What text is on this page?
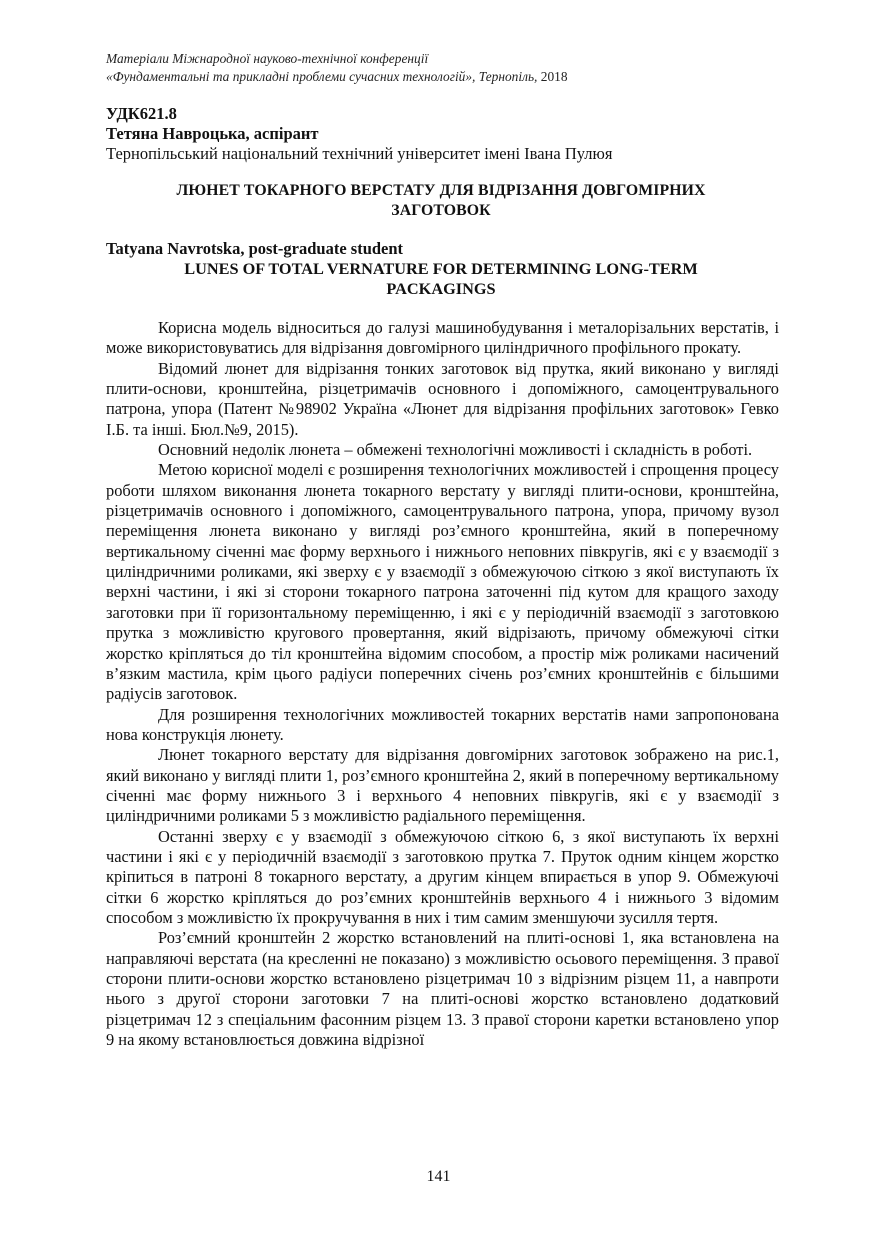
Матеріали Міжнародної науково-технічної конференції
«Фундаментальні та прикладні проблеми сучасних технологій», Тернопіль, 2018
УДК621.8
Тетяна Навроцька, аспірант
Тернопільський національний технічний університет імені Івана Пулюя
ЛЮНЕТ ТОКАРНОГО ВЕРСТАТУ ДЛЯ ВІДРІЗАННЯ ДОВГОМІРНИХ
ЗАГОТОВОК
Tatyana Navrotska, post-graduate student
LUNES OF TOTAL VERNATURE FOR DETERMINING LONG-TERM
PACKAGINGS

Корисна модель відноситься до галузі машинобудування і металорізальних верстатів, і може використовуватись для відрізання довгомірного циліндричного профільного прокату.

Відомий люнет для відрізання тонких заготовок від прутка, який виконано у вигляді плити-основи, кронштейна, різцетримачів основного і допоміжного, самоцентрувального патрона, упора (Патент №98902 Україна «Люнет для відрізання профільних заготовок» Гевко І.Б. та інші. Бюл.№9, 2015).

Основний недолік люнета – обмежені технологічні можливості і складність в роботі.

Метою корисної моделі є розширення технологічних можливостей і спрощення процесу роботи шляхом виконання люнета токарного верстату у вигляді плити-основи, кронштейна, різцетримачів основного і допоміжного, самоцентрувального патрона, упора, причому вузол переміщення люнета виконано у вигляді роз’ємного кронштейна, який в поперечному вертикальному січенні має форму верхнього і нижнього неповних півкругів, які є у взаємодії з циліндричними роликами, які зверху є у взаємодії з обмежуючою сіткою з якої виступають їх верхні частини, і які зі сторони токарного патрона заточенні під кутом для кращого заходу заготовки при її горизонтальному переміщенню, і які є у періодичній взаємодії з заготовкою прутка з можливістю кругового провертання, який відрізають, причому обмежуючі сітки жорстко кріпляться до тіл кронштейна відомим способом, а простір між роликами насичений в’язким мастила, крім цього радіуси поперечних січень роз’ємних кронштейнів є більшими радіусів заготовок.

Для розширення технологічних можливостей токарних верстатів нами запропонована нова конструкція люнету.

Люнет токарного верстату для відрізання довгомірних заготовок зображено на рис.1, який виконано у вигляді плити 1, роз’ємного кронштейна 2, який в поперечному вертикальному січенні має форму нижнього 3 і верхнього 4 неповних півкругів, які є у взаємодії з циліндричними роликами 5 з можливістю радіального переміщення.

Останні зверху є у взаємодії з обмежуючою сіткою 6, з якої виступають їх верхні частини і які є у періодичній взаємодії з заготовкою прутка 7. Пруток одним кінцем жорстко кріпиться в патроні 8 токарного верстату, а другим кінцем впирається в упор 9. Обмежуючі сітки 6 жорстко кріпляться до роз’ємних кронштейнів верхнього 4 і нижнього 3 відомим способом з можливістю їх прокручування в них і тим самим зменшуючи зусилля тертя.

Роз’ємний кронштейн 2 жорстко встановлений на плиті-основі 1, яка встановлена на направляючі верстата (на кресленні не показано) з можливістю осьового переміщення. З правої сторони плити-основи жорстко встановлено різцетримач 10 з відрізним різцем 11, а навпроти нього з другої сторони заготовки 7 на плиті-основі жорстко встановлено додатковий різцетримач 12 з спеціальним фасонним різцем 13. З правої сторони каретки встановлено упор 9 на якому встановлюється довжина відрізної

141
